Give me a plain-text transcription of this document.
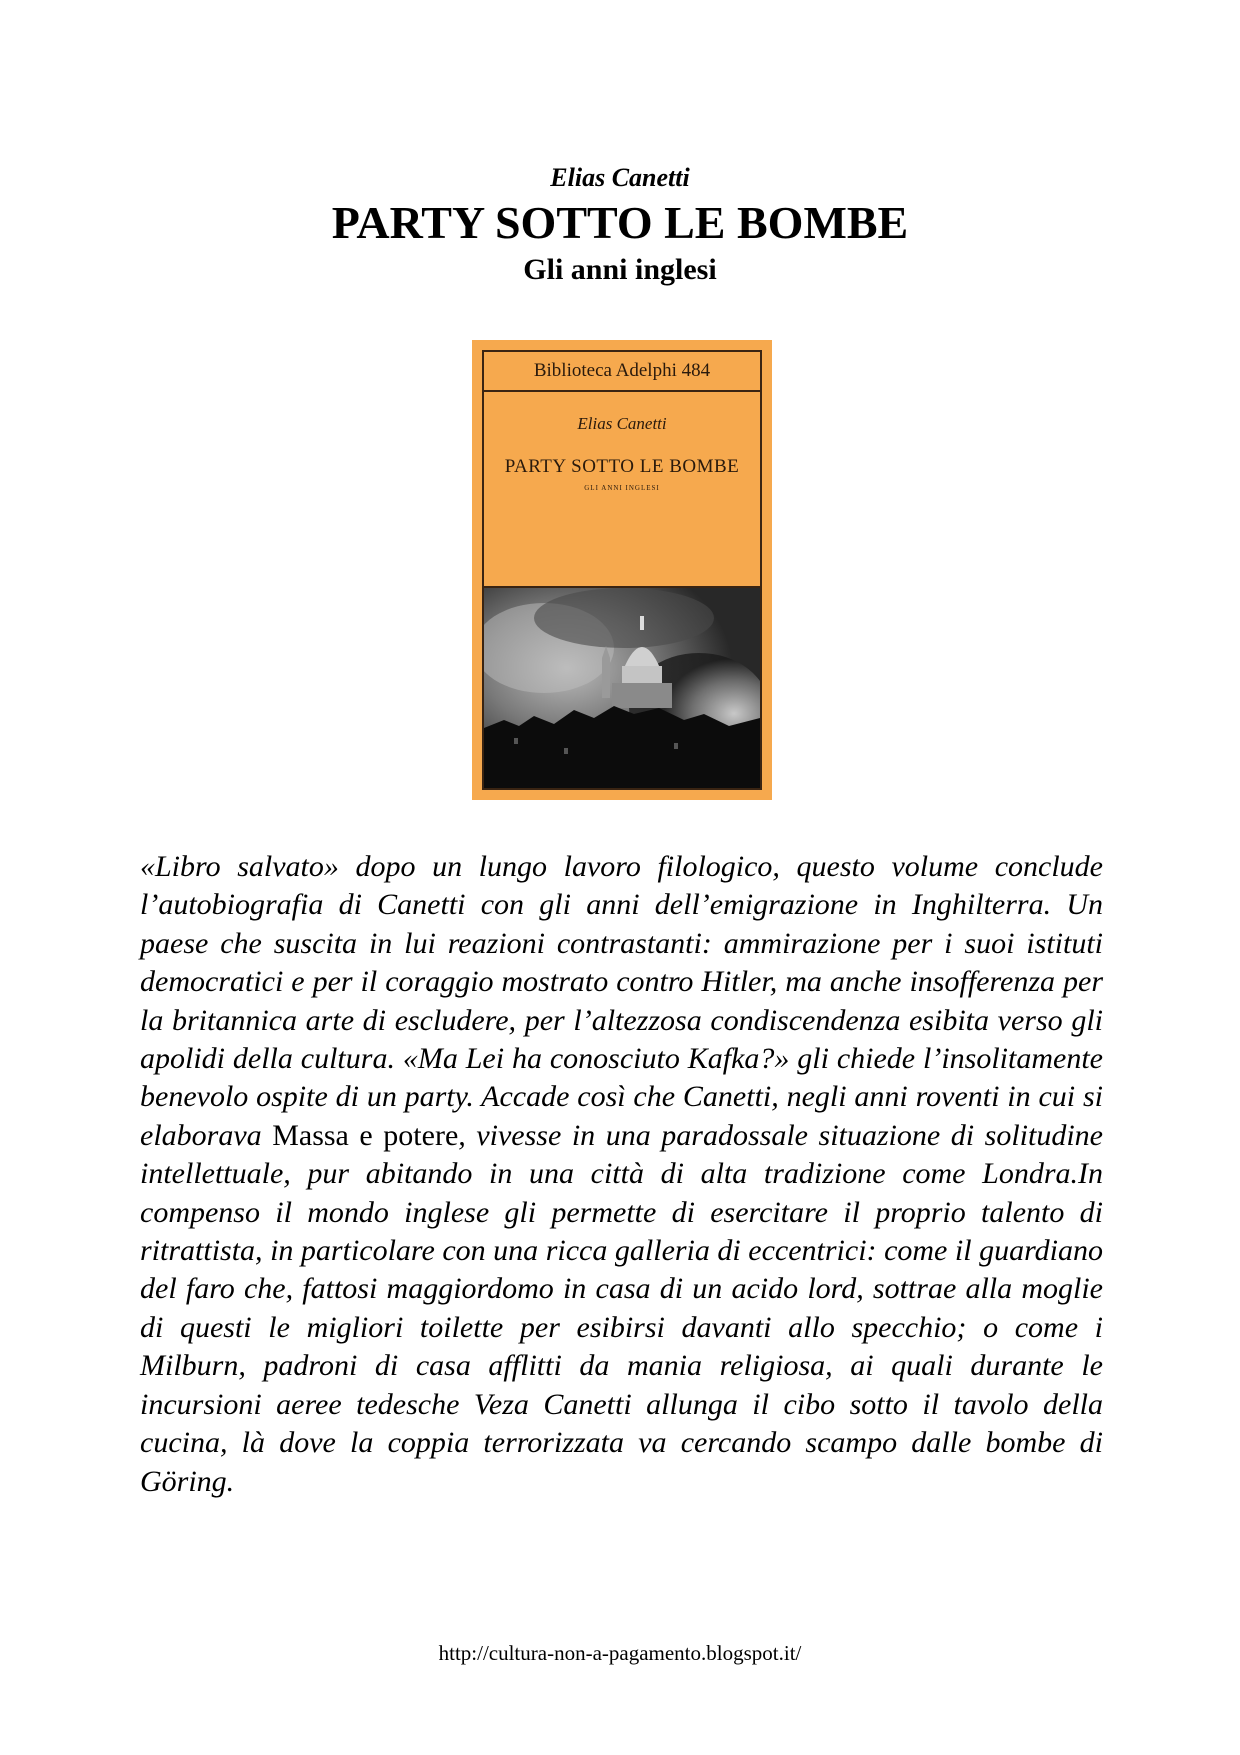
Elias Canetti
PARTY SOTTO LE BOMBE
Gli anni inglesi
Biblioteca Adelphi 484
Elias Canetti
PARTY SOTTO LE BOMBE
GLI ANNI INGLESI
«Libro salvato» dopo un lungo lavoro filologico, questo volume conclude l’autobiografia di Canetti con gli anni dell’emigrazione in Inghilterra. Un paese che suscita in lui reazioni contrastanti: ammirazione per i suoi istituti democratici e per il coraggio mostrato contro Hitler, ma anche insofferenza per la britannica arte di escludere, per l’altezzosa condiscendenza esibita verso gli apolidi della cultura. «Ma Lei ha conosciuto Kafka?» gli chiede l’insolitamente benevolo ospite di un party. Accade così che Canetti, negli anni roventi in cui si elaborava Massa e potere, vivesse in una paradossale situazione di solitudine intellettuale, pur abitando in una città di alta tradizione come Londra.In compenso il mondo inglese gli permette di esercitare il proprio talento di ritrattista, in particolare con una ricca galleria di eccentrici: come il guardiano del faro che, fattosi maggiordomo in casa di un acido lord, sottrae alla moglie di questi le migliori toilette per esibirsi davanti allo specchio; o come i Milburn, padroni di casa afflitti da mania religiosa, ai quali durante le incursioni aeree tedesche Veza Canetti allunga il cibo sotto il tavolo della cucina, là dove la coppia terrorizzata va cercando scampo dalle bombe di Göring.
http://cultura-non-a-pagamento.blogspot.it/
